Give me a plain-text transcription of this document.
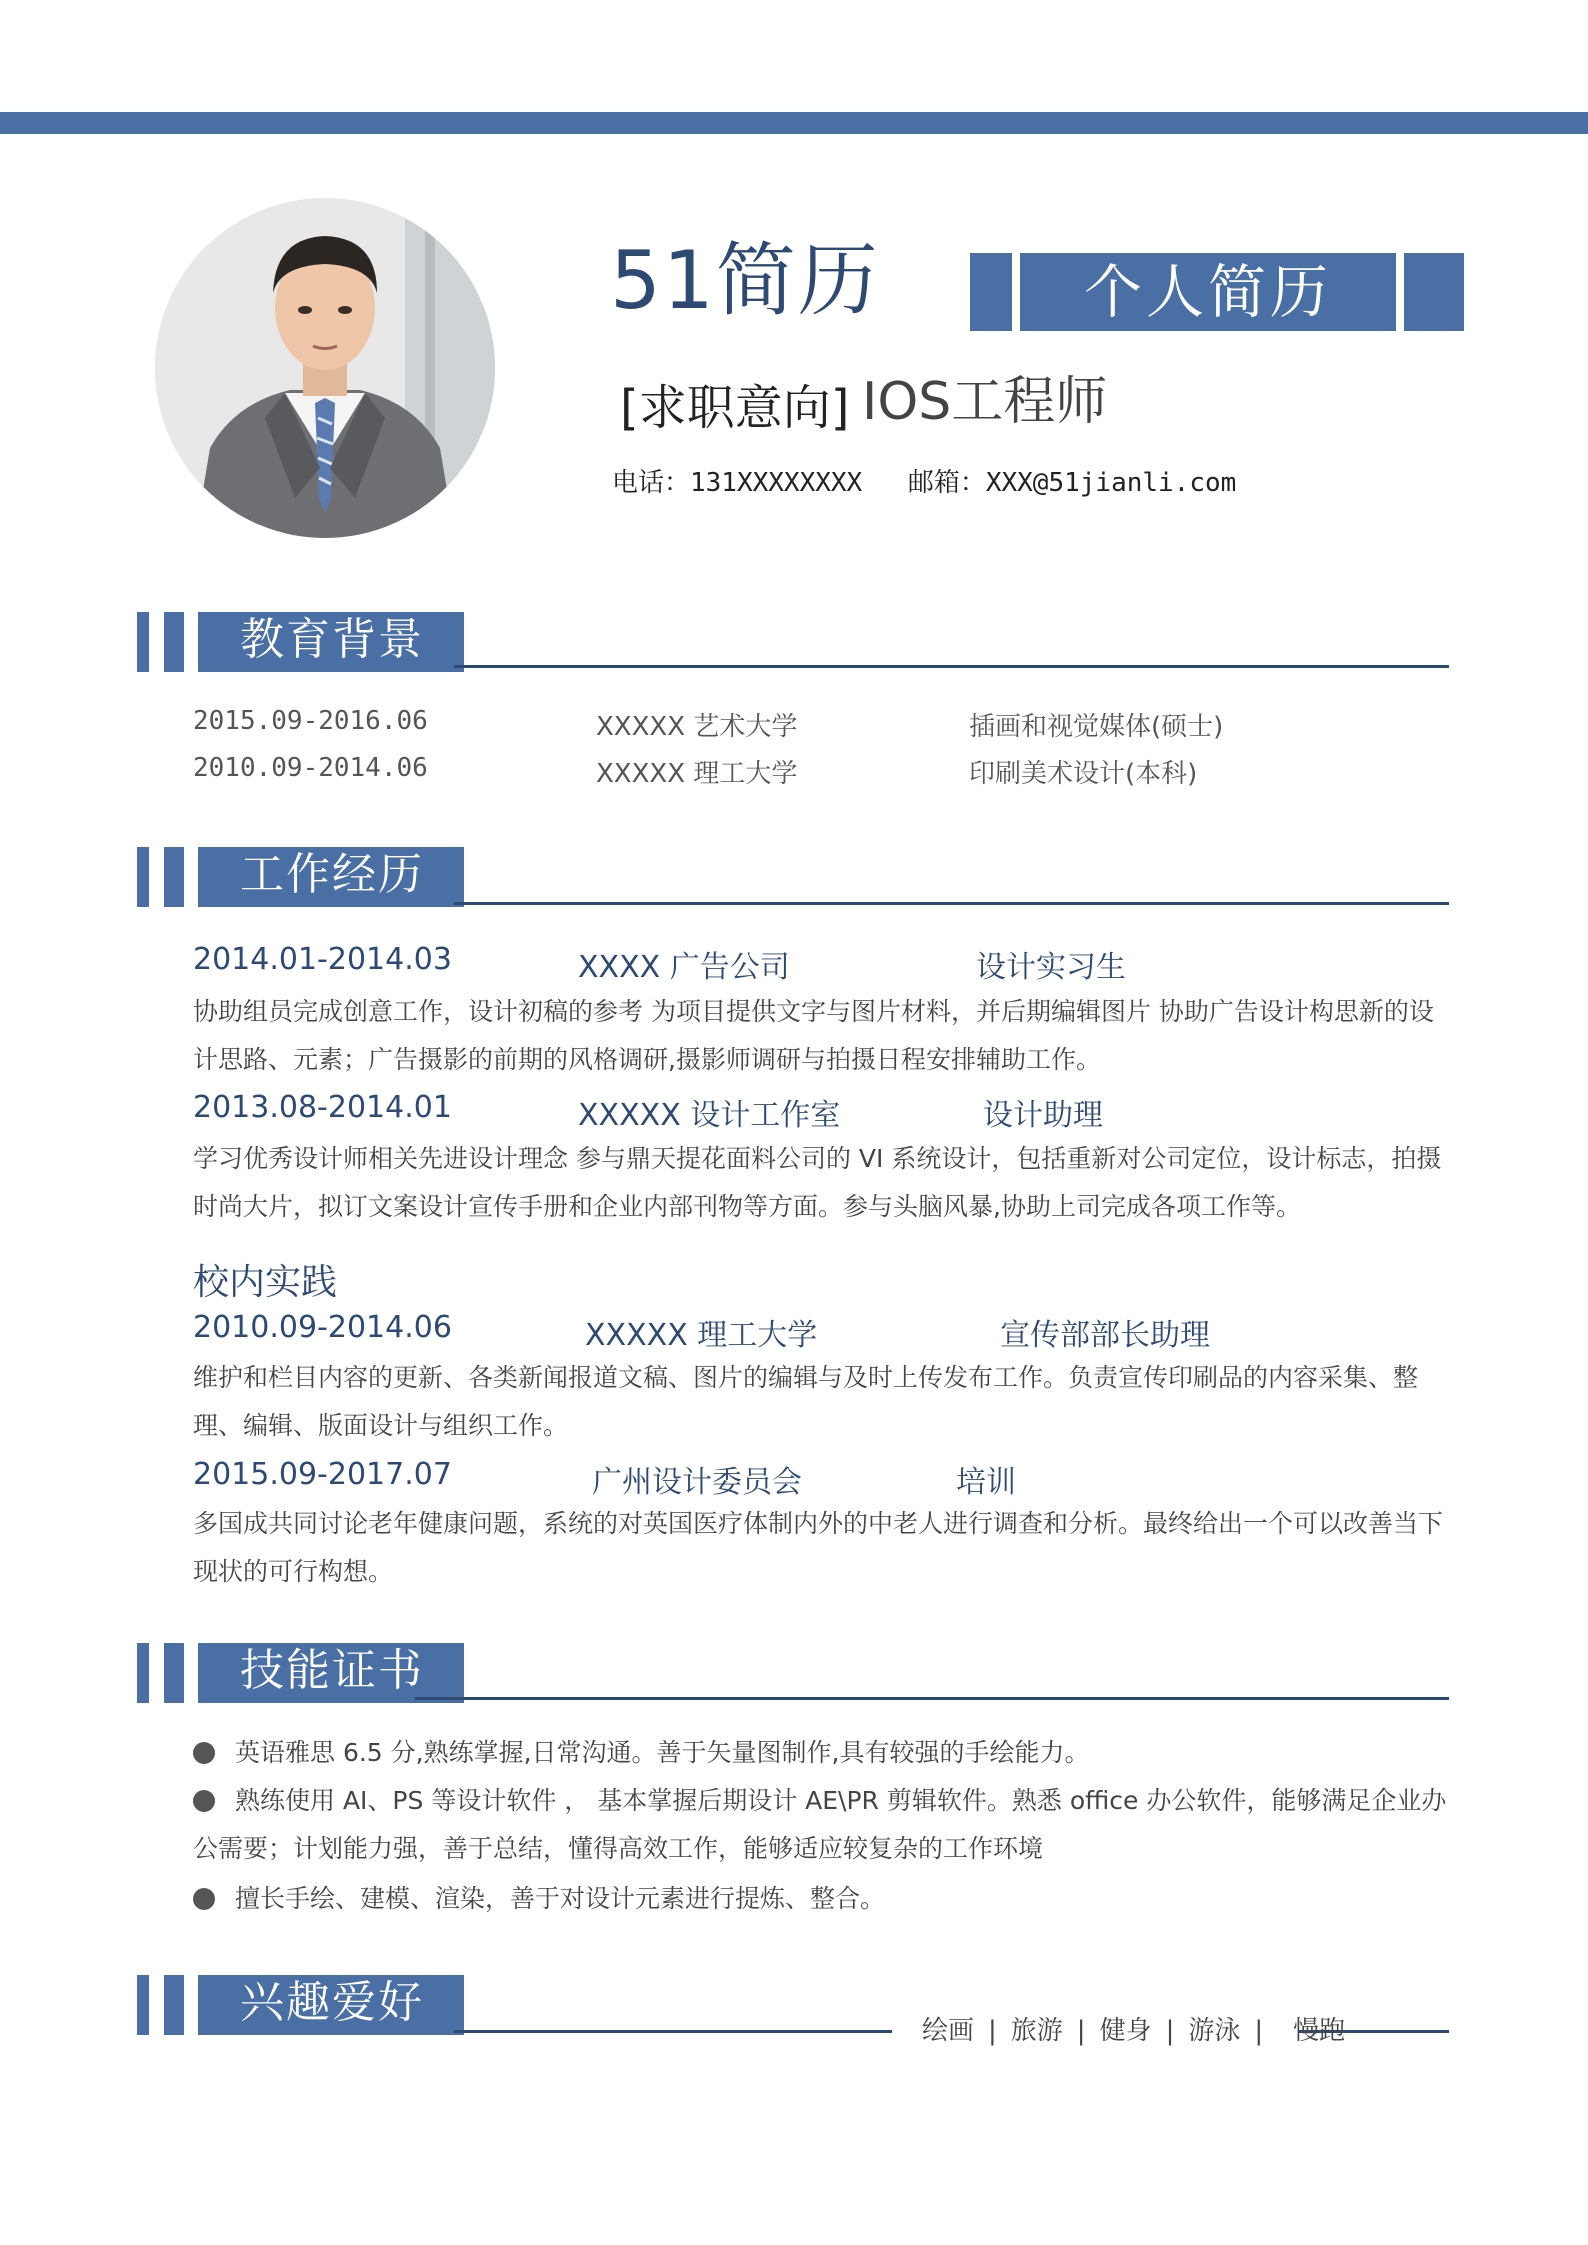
51简历	个人简历
[求职意向] IOS工程师
电话：131XXXXXXXX 邮箱：XXX@51jianli.com
教育背景
2015.09-2016.06	XXXXX 艺术大学	插画和视觉媒体(硕士)
2010.09-2014.06	XXXXX 理工大学	印刷美术设计(本科)
工作经历
2014.01-2014.03	XXXX 广告公司	设计实习生
协助组员完成创意工作，设计初稿的参考 为项目提供文字与图片材料，并后期编辑图片 协助广告设计构思新的设计思路、元素；广告摄影的前期的风格调研,摄影师调研与拍摄日程安排辅助工作。
2013.08-2014.01	XXXXX 设计工作室	设计助理
学习优秀设计师相关先进设计理念 参与鼎天提花面料公司的 VI 系统设计，包括重新对公司定位，设计标志，拍摄时尚大片，拟订文案设计宣传手册和企业内部刊物等方面。参与头脑风暴,协助上司完成各项工作等。
校内实践
2010.09-2014.06	XXXXX 理工大学	宣传部部长助理
维护和栏目内容的更新、各类新闻报道文稿、图片的编辑与及时上传发布工作。负责宣传印刷品的内容采集、整理、编辑、版面设计与组织工作。
2015.09-2017.07	广州设计委员会	培训
多国成共同讨论老年健康问题，系统的对英国医疗体制内外的中老人进行调查和分析。最终给出一个可以改善当下现状的可行构想。
技能证书
英语雅思 6.5 分,熟练掌握,日常沟通。善于矢量图制作,具有较强的手绘能力。
熟练使用 AI、PS 等设计软件 ， 基本掌握后期设计 AE\PR 剪辑软件。熟悉 office 办公软件，能够满足企业办公需要；计划能力强，善于总结，懂得高效工作，能够适应较复杂的工作环境
擅长手绘、建模、渲染，善于对设计元素进行提炼、整合。
兴趣爱好
绘画 | 旅游 | 健身 | 游泳 | 慢跑
